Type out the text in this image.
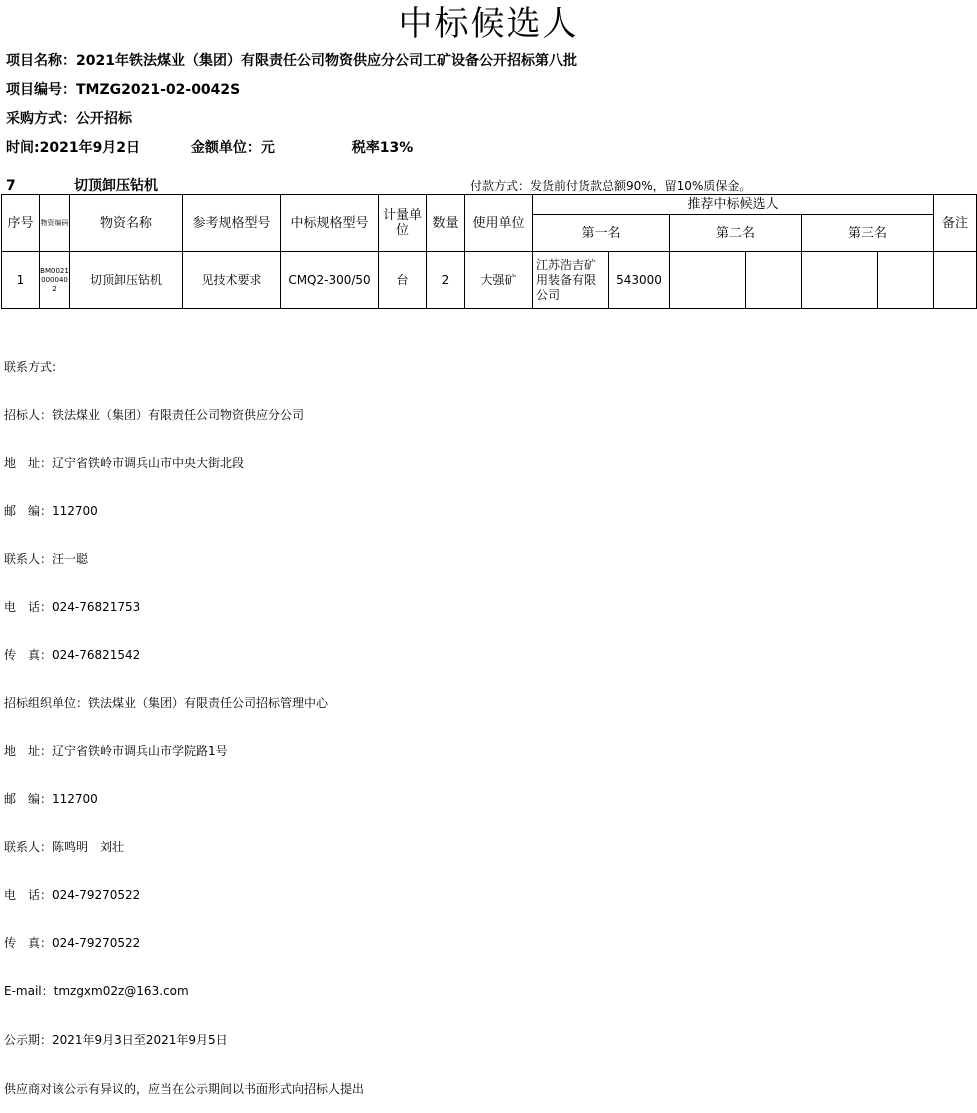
中标候选人
项目名称：2021年铁法煤业（集团）有限责任公司物资供应分公司工矿设备公开招标第八批
项目编号：TMZG2021-02-0042S
采购方式：公开招标
时间:2021年9月2日	金额单位：元	税率13%
7	切顶卸压钻机	付款方式：发货前付货款总额90%，留10%质保金。
序号	物资编码	物资名称	参考规格型号	中标规格型号	计量单位	数量	使用单位	推荐中标候选人						备注
								第一名		第二名		第三名		
1	BM00210000402	切顶卸压钻机	见技术要求	CMQ2-300/50	台	2	大强矿	江苏浩吉矿用装备有限公司	543000					

联系方式:

招标人：铁法煤业（集团）有限责任公司物资供应分公司

地　址：辽宁省铁岭市调兵山市中央大街北段

邮　编：112700

联系人：汪一聪

电　话：024-76821753

传　真：024-76821542

招标组织单位：铁法煤业（集团）有限责任公司招标管理中心

地　址：辽宁省铁岭市调兵山市学院路1号

邮　编：112700

联系人：陈鸣明　刘壮

电　话：024-79270522

传　真：024-79270522

E-mail：tmzgxm02z@163.com

公示期：2021年9月3日至2021年9月5日

供应商对该公示有异议的，应当在公示期间以书面形式向招标人提出
